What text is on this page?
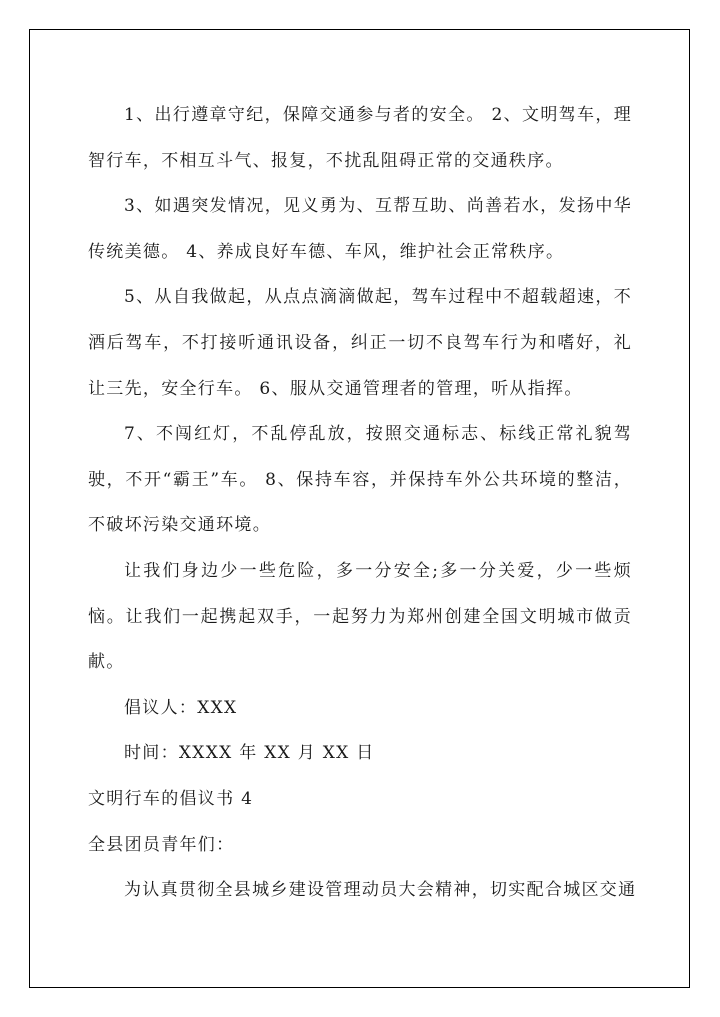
1、出行遵章守纪，保障交通参与者的安全。 2、文明驾车，理智行车，不相互斗气、报复，不扰乱阻碍正常的交通秩序。

3、如遇突发情况，见义勇为、互帮互助、尚善若水，发扬中华传统美德。 4、养成良好车德、车风，维护社会正常秩序。

5、从自我做起，从点点滴滴做起，驾车过程中不超载超速，不酒后驾车，不打接听通讯设备，纠正一切不良驾车行为和嗜好，礼让三先，安全行车。 6、服从交通管理者的管理，听从指挥。

7、不闯红灯，不乱停乱放，按照交通标志、标线正常礼貌驾驶，不开“霸王”车。 8、保持车容，并保持车外公共环境的整洁，不破坏污染交通环境。

让我们身边少一些危险，多一分安全;多一分关爱，少一些烦恼。让我们一起携起双手，一起努力为郑州创建全国文明城市做贡献。

倡议人：XXX

时间：XXXX 年 XX 月 XX 日

文明行车的倡议书 4

全县团员青年们：

为认真贯彻全县城乡建设管理动员大会精神，切实配合城区交通
